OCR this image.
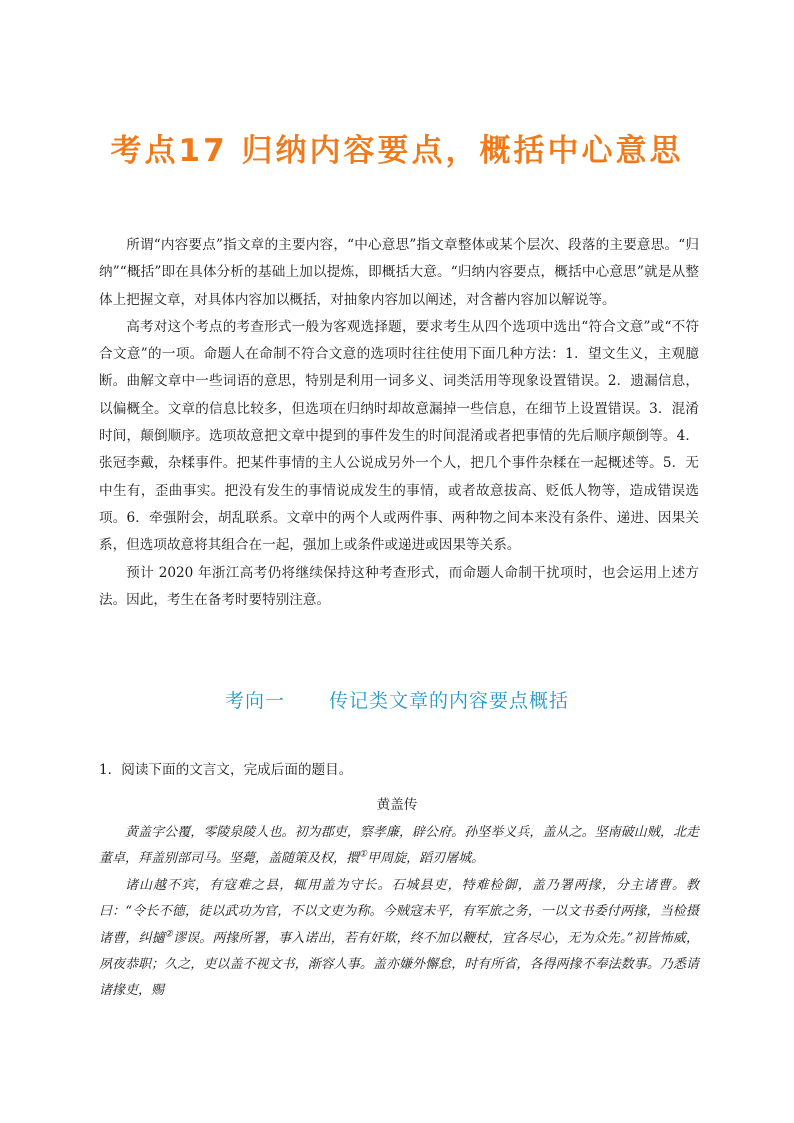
考点17 归纳内容要点，概括中心意思

所谓“内容要点”指文章的主要内容，“中心意思”指文章整体或某个层次、段落的主要意思。“归纳”“概括”即在具体分析的基础上加以提炼，即概括大意。“归纳内容要点，概括中心意思”就是从整体上把握文章，对具体内容加以概括，对抽象内容加以阐述，对含蓄内容加以解说等。

高考对这个考点的考查形式一般为客观选择题，要求考生从四个选项中选出“符合文意”或“不符合文意”的一项。命题人在命制不符合文意的选项时往往使用下面几种方法：1．望文生义，主观臆断。曲解文章中一些词语的意思，特别是利用一词多义、词类活用等现象设置错误。2．遗漏信息，以偏概全。文章的信息比较多，但选项在归纳时却故意漏掉一些信息，在细节上设置错误。3．混淆时间，颠倒顺序。选项故意把文章中提到的事件发生的时间混淆或者把事情的先后顺序颠倒等。4．张冠李戴，杂糅事件。把某件事情的主人公说成另外一个人，把几个事件杂糅在一起概述等。5．无中生有，歪曲事实。把没有发生的事情说成发生的事情，或者故意拔高、贬低人物等，造成错误选项。6．牵强附会，胡乱联系。文章中的两个人或两件事、两种物之间本来没有条件、递进、因果关系，但选项故意将其组合在一起，强加上或条件或递进或因果等关系。

预计 2020 年浙江高考仍将继续保持这种考查形式，而命题人命制干扰项时，也会运用上述方法。因此，考生在备考时要特别注意。

考向一 传记类文章的内容要点概括
1．阅读下面的文言文，完成后面的题目。
黄盖传

黄盖字公覆，零陵泉陵人也。初为郡吏，察孝廉，辟公府。孙坚举义兵，盖从之。坚南破山贼，北走董卓，拜盖别部司马。坚薨，盖随策及权，擐①甲周旋，蹈刃屠城。

诸山越不宾，有寇难之县，辄用盖为守长。石城县吏，特难检御，盖乃署两掾，分主诸曹。教曰：“令长不德，徒以武功为官，不以文吏为称。今贼寇未平，有军旅之务，一以文书委付两掾，当检摄诸曹，纠擿②谬误。两掾所署，事入诺出，若有奸欺，终不加以鞭杖，宜各尽心，无为众先。”初皆怖威，夙夜恭职；久之，吏以盖不视文书，渐容人事。盖亦嫌外懈怠，时有所省，各得两掾不奉法数事。乃悉请诸掾吏，赐
